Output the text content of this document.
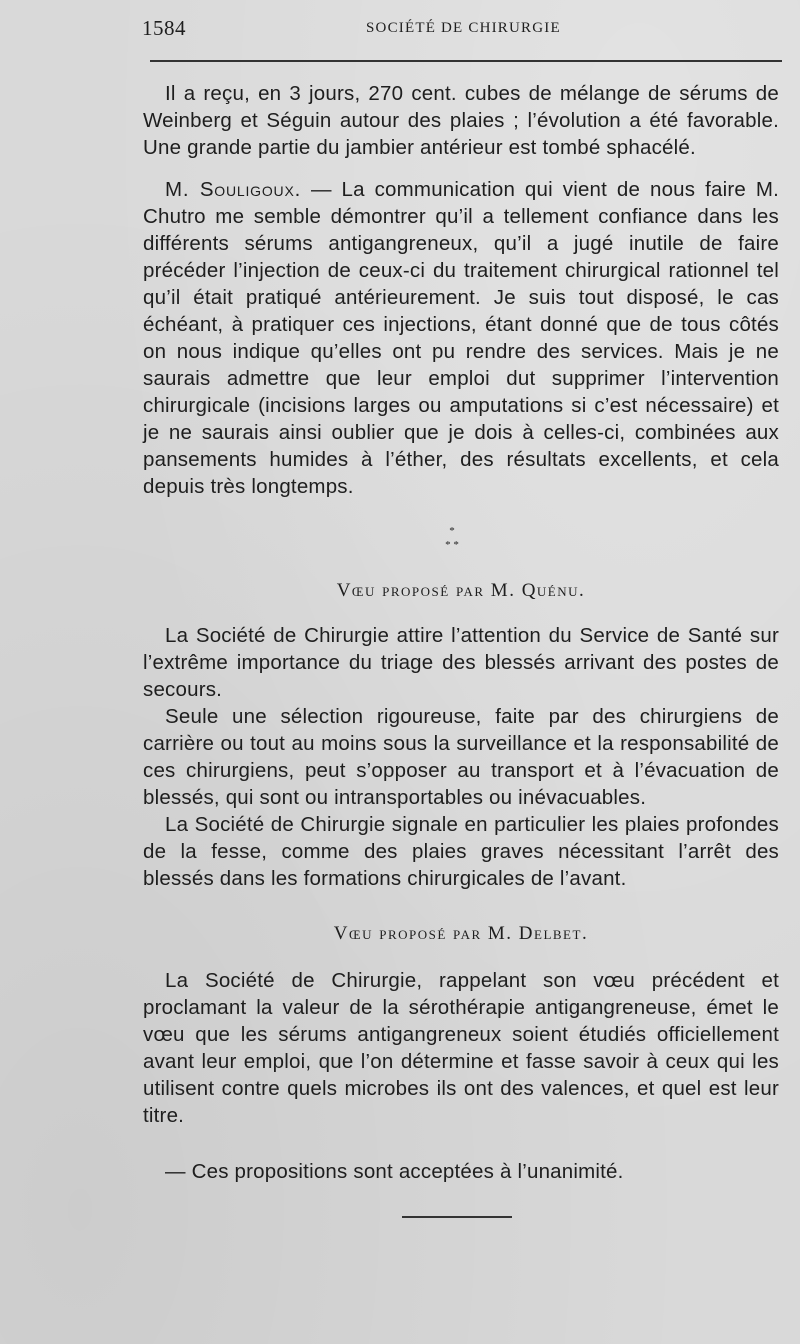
1584	SOCIÉTÉ DE CHIRURGIE

Il a reçu, en 3 jours, 270 cent. cubes de mélange de sérums de Weinberg et Séguin autour des plaies ; l’évolution a été favorable. Une grande partie du jambier antérieur est tombé sphacélé.

M. Souligoux. — La communication qui vient de nous faire M. Chutro me semble démontrer qu’il a tellement confiance dans les différents sérums antigangreneux, qu’il a jugé inutile de faire précéder l’injection de ceux-ci du traitement chirurgical rationnel tel qu’il était pratiqué antérieurement. Je suis tout disposé, le cas échéant, à pratiquer ces injections, étant donné que de tous côtés on nous indique qu’elles ont pu rendre des services. Mais je ne saurais admettre que leur emploi dut supprimer l’intervention chirurgicale (incisions larges ou amputations si c’est nécessaire) et je ne saurais ainsi oublier que je dois à celles-ci, combinées aux pansements humides à l’éther, des résultats excellents, et cela depuis très longtemps.

*
* *
Vœu proposé par M. Quénu.

La Société de Chirurgie attire l’attention du Service de Santé sur l’extrême importance du triage des blessés arrivant des postes de secours.

Seule une sélection rigoureuse, faite par des chirurgiens de carrière ou tout au moins sous la surveillance et la responsabilité de ces chirurgiens, peut s’opposer au transport et à l’évacuation de blessés, qui sont ou intransportables ou inévacuables.

La Société de Chirurgie signale en particulier les plaies profondes de la fesse, comme des plaies graves nécessitant l’arrêt des blessés dans les formations chirurgicales de l’avant.

Vœu proposé par M. Delbet.

La Société de Chirurgie, rappelant son vœu précédent et proclamant la valeur de la sérothérapie antigangreneuse, émet le vœu que les sérums antigangreneux soient étudiés officiellement avant leur emploi, que l’on détermine et fasse savoir à ceux qui les utilisent contre quels microbes ils ont des valences, et quel est leur titre.

— Ces propositions sont acceptées à l’unanimité.
